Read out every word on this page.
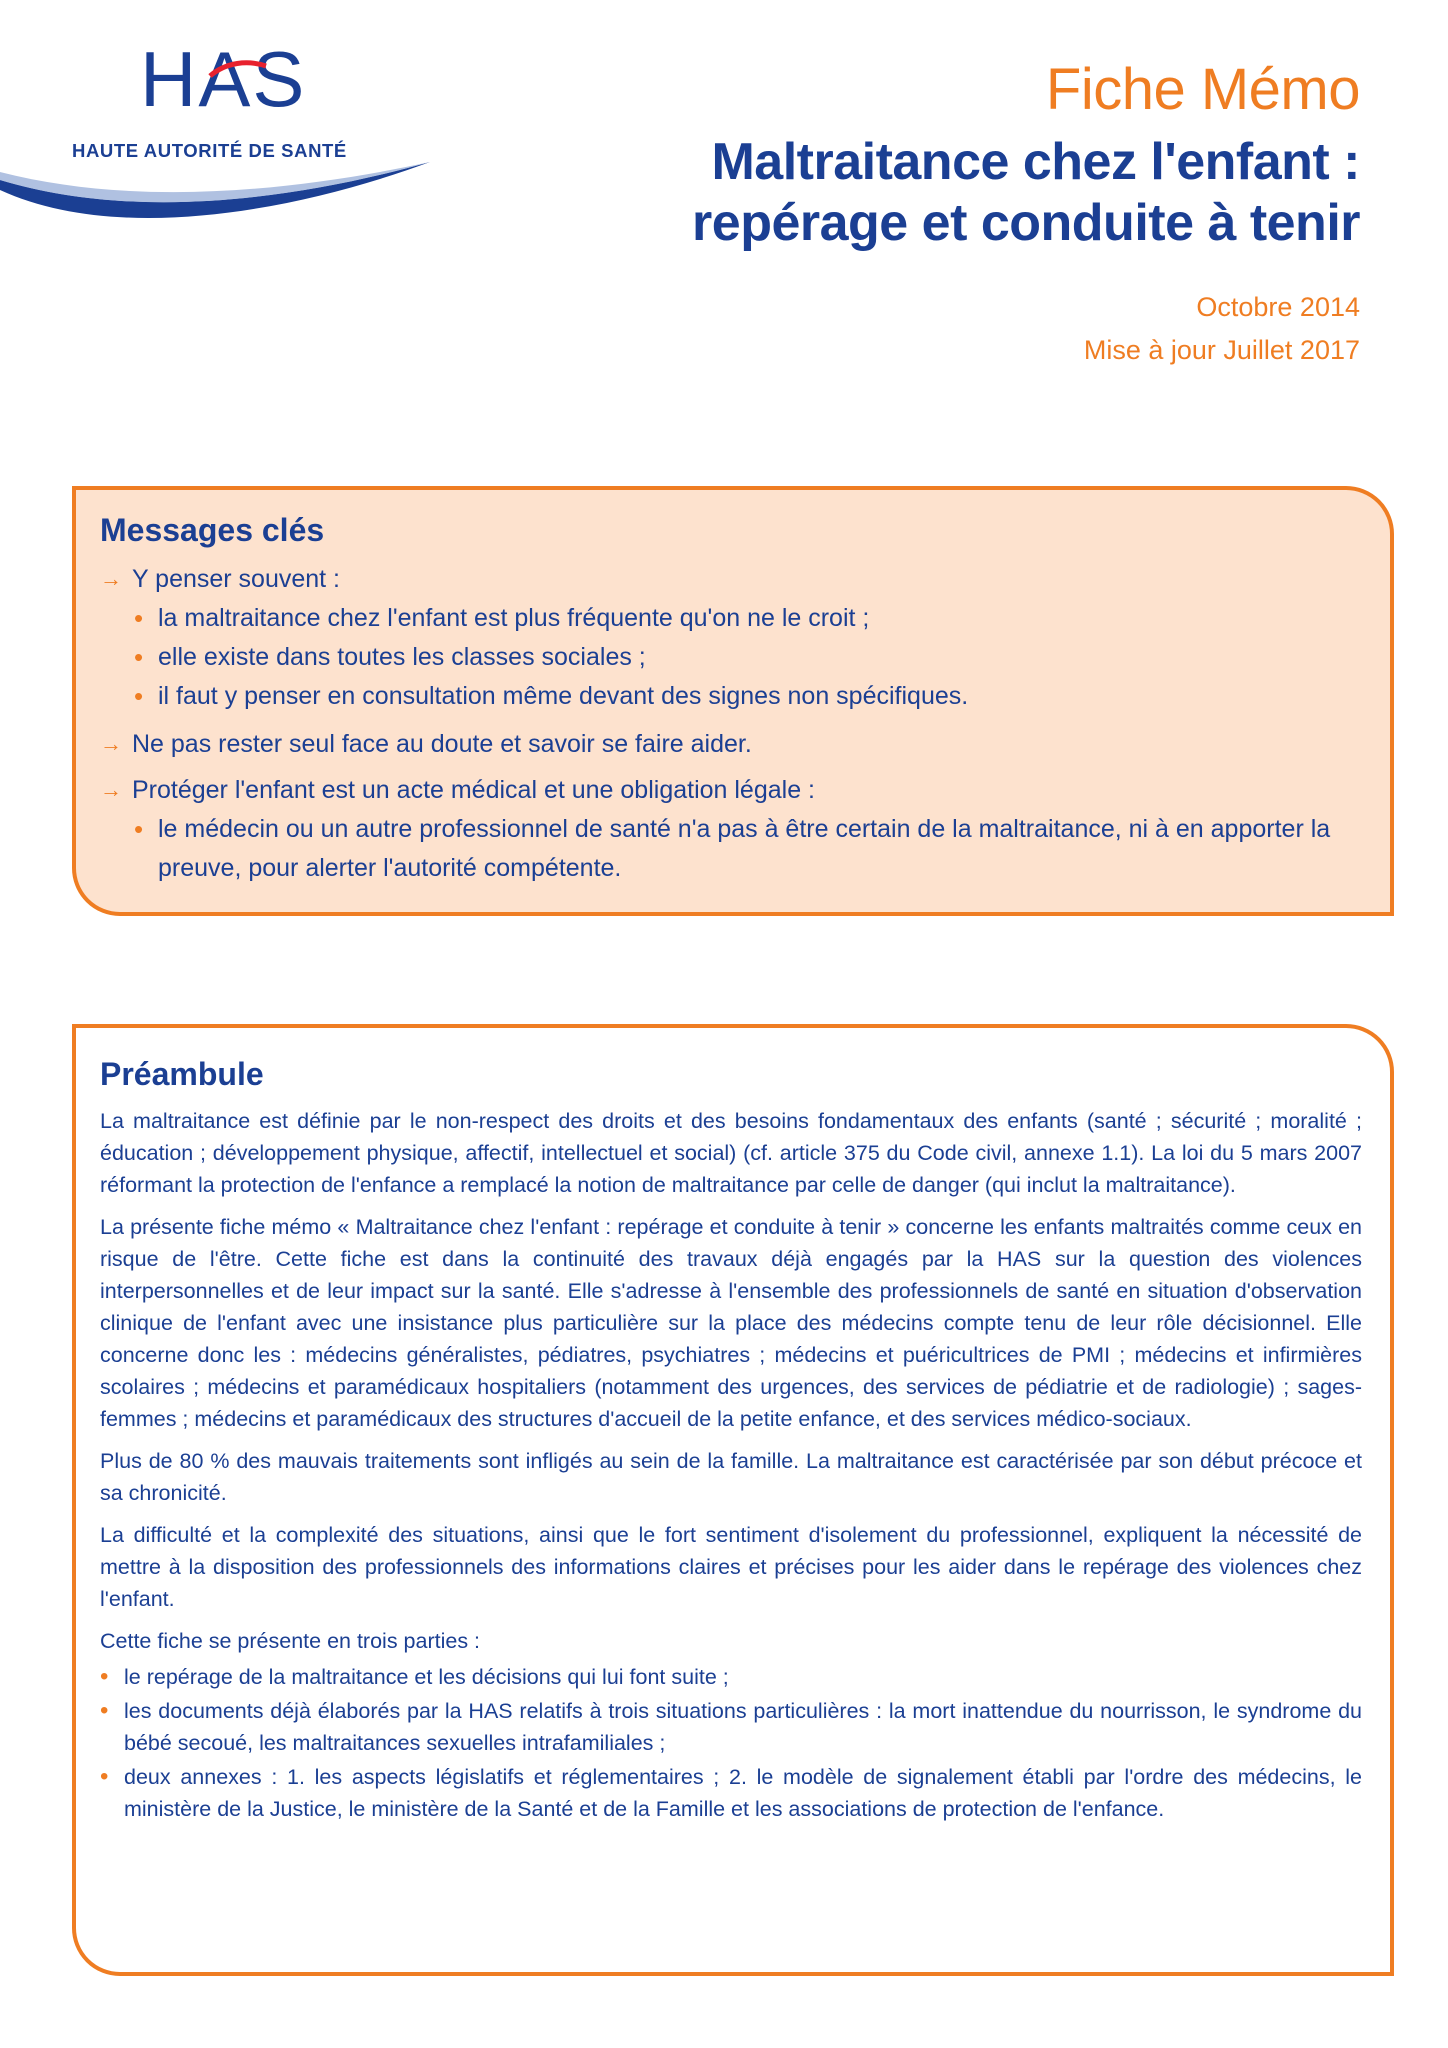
HAS
HAUTE AUTORITÉ DE SANTÉ
Fiche Mémo
Maltraitance chez l'enfant :
repérage et conduite à tenir
Octobre 2014
Mise à jour Juillet 2017
Messages clés
→ Y penser souvent :
• la maltraitance chez l'enfant est plus fréquente qu'on ne le croit ;
• elle existe dans toutes les classes sociales ;
• il faut y penser en consultation même devant des signes non spécifiques.
→ Ne pas rester seul face au doute et savoir se faire aider.
→ Protéger l'enfant est un acte médical et une obligation légale :
• le médecin ou un autre professionnel de santé n'a pas à être certain de la maltraitance, ni à en apporter la preuve, pour alerter l'autorité compétente.
Préambule

La maltraitance est définie par le non-respect des droits et des besoins fondamentaux des enfants (santé ; sécurité ; moralité ; éducation ; développement physique, affectif, intellectuel et social) (cf. article 375 du Code civil, annexe 1.1). La loi du 5 mars 2007 réformant la protection de l'enfance a remplacé la notion de maltraitance par celle de danger (qui inclut la maltraitance).

La présente fiche mémo « Maltraitance chez l'enfant : repérage et conduite à tenir » concerne les enfants maltraités comme ceux en risque de l'être. Cette fiche est dans la continuité des travaux déjà engagés par la HAS sur la question des violences interpersonnelles et de leur impact sur la santé. Elle s'adresse à l'ensemble des professionnels de santé en situation d'observation clinique de l'enfant avec une insistance plus particulière sur la place des médecins compte tenu de leur rôle décisionnel. Elle concerne donc les : médecins généralistes, pédiatres, psychiatres ; médecins et puéricultrices de PMI ; médecins et infirmières scolaires ; médecins et paramédicaux hospitaliers (notamment des urgences, des services de pédiatrie et de radiologie) ; sages-femmes ; médecins et paramédicaux des structures d'accueil de la petite enfance, et des services médico-sociaux.

Plus de 80 % des mauvais traitements sont infligés au sein de la famille. La maltraitance est caractérisée par son début précoce et sa chronicité.

La difficulté et la complexité des situations, ainsi que le fort sentiment d'isolement du professionnel, expliquent la nécessité de mettre à la disposition des professionnels des informations claires et précises pour les aider dans le repérage des violences chez l'enfant.

Cette fiche se présente en trois parties :

• le repérage de la maltraitance et les décisions qui lui font suite ;
• les documents déjà élaborés par la HAS relatifs à trois situations particulières : la mort inattendue du nourrisson, le syndrome du bébé secoué, les maltraitances sexuelles intrafamiliales ;
• deux annexes : 1. les aspects législatifs et réglementaires ; 2. le modèle de signalement établi par l'ordre des médecins, le ministère de la Justice, le ministère de la Santé et de la Famille et les associations de protection de l'enfance.
